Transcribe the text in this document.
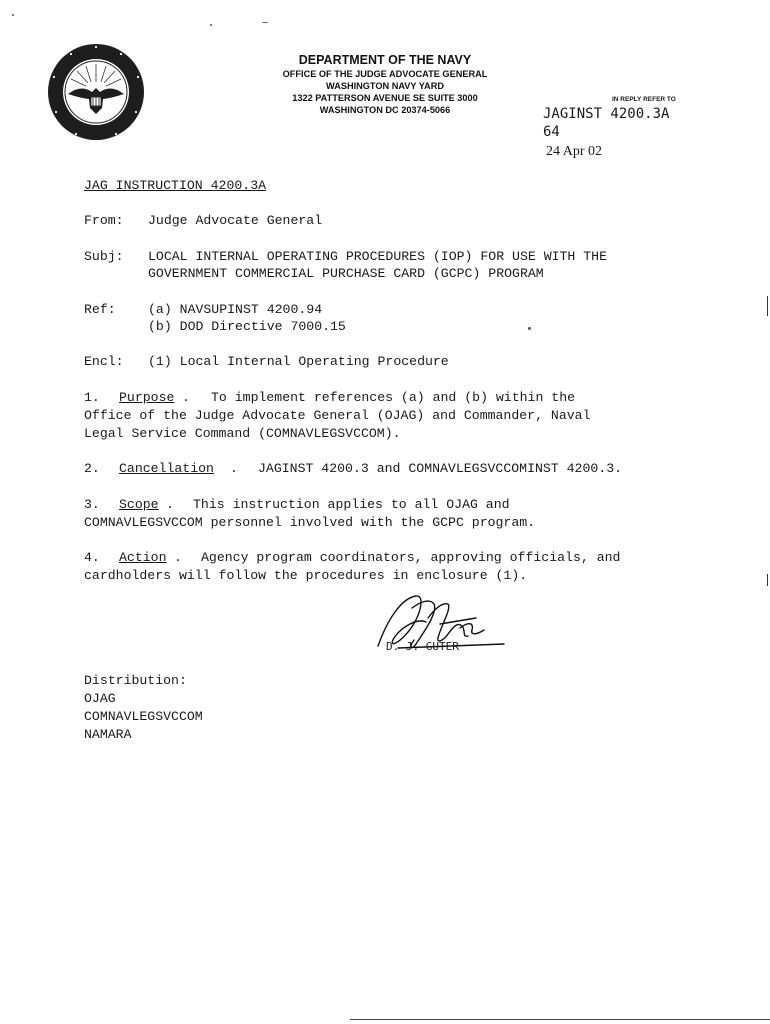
DEPARTMENT OF THE NAVY
OFFICE OF THE JUDGE ADVOCATE GENERAL
WASHINGTON NAVY YARD
1322 PATTERSON AVENUE SE SUITE 3000
WASHINGTON DC 20374-5066
IN REPLY REFER TO
JAGINST 4200.3A
64
24 Apr 02
JAG INSTRUCTION 4200.3A
From: Judge Advocate General
Subj: LOCAL INTERNAL OPERATING PROCEDURES (IOP) FOR USE WITH THE
GOVERNMENT COMMERCIAL PURCHASE CARD (GCPC) PROGRAM
Ref: (a) NAVSUPINST 4200.94
(b) DOD Directive 7000.15
Encl: (1) Local Internal Operating Procedure
1. Purpose . To implement references (a) and (b) within the
Office of the Judge Advocate General (OJAG) and Commander, Naval
Legal Service Command (COMNAVLEGSVCCOM).
2. Cancellation . JAGINST 4200.3 and COMNAVLEGSVCCOMINST 4200.3.
3. Scope . This instruction applies to all OJAG and
COMNAVLEGSVCCOM personnel involved with the GCPC program.
4. Action . Agency program coordinators, approving officials, and
cardholders will follow the procedures in enclosure (1).
D. J. GUTER
Distribution:
OJAG
COMNAVLEGSVCCOM
NAMARA
